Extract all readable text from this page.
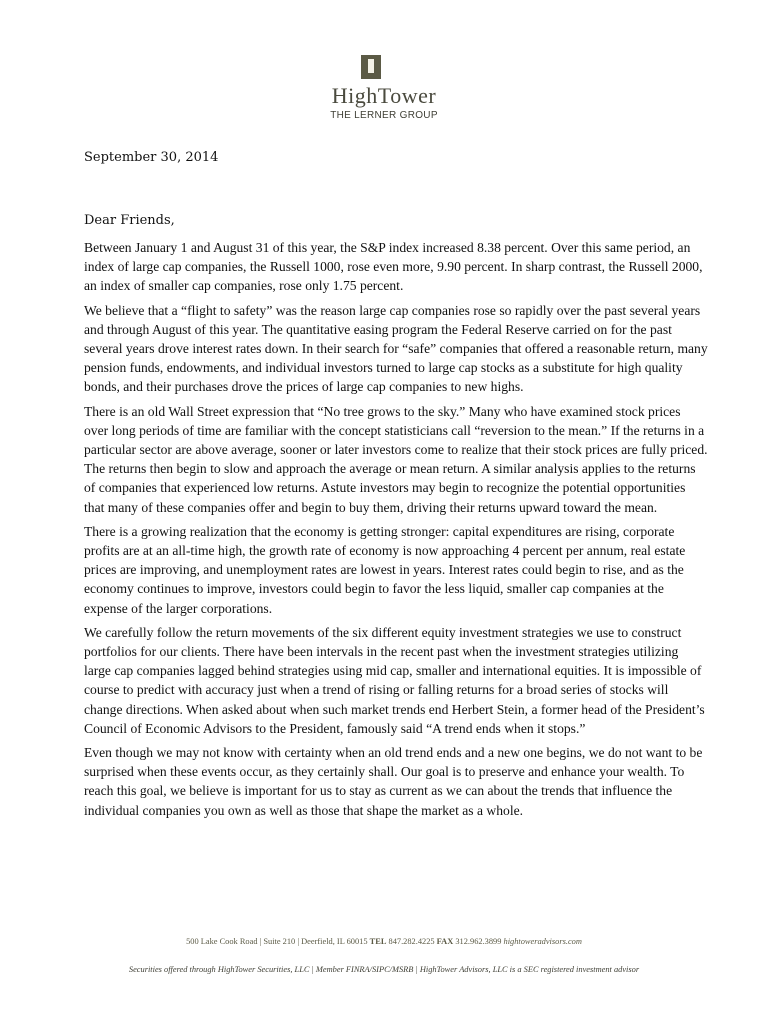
HighTower
THE LERNER GROUP
September 30, 2014
Dear Friends,

Between January 1 and August 31 of this year, the S&P index increased 8.38 percent. Over this same period, an index of large cap companies, the Russell 1000, rose even more, 9.90 percent. In sharp contrast, the Russell 2000, an index of smaller cap companies, rose only 1.75 percent.

We believe that a “flight to safety” was the reason large cap companies rose so rapidly over the past several years and through August of this year. The quantitative easing program the Federal Reserve carried on for the past several years drove interest rates down. In their search for “safe” companies that offered a reasonable return, many pension funds, endowments, and individual investors turned to large cap stocks as a substitute for high quality bonds, and their purchases drove the prices of large cap companies to new highs.

There is an old Wall Street expression that “No tree grows to the sky.” Many who have examined stock prices over long periods of time are familiar with the concept statisticians call “reversion to the mean.” If the returns in a particular sector are above average, sooner or later investors come to realize that their stock prices are fully priced. The returns then begin to slow and approach the average or mean return. A similar analysis applies to the returns of companies that experienced low returns. Astute investors may begin to recognize the potential opportunities that many of these companies offer and begin to buy them, driving their returns upward toward the mean.

There is a growing realization that the economy is getting stronger: capital expenditures are rising, corporate profits are at an all-time high, the growth rate of economy is now approaching 4 percent per annum, real estate prices are improving, and unemployment rates are lowest in years. Interest rates could begin to rise, and as the economy continues to improve, investors could begin to favor the less liquid, smaller cap companies at the expense of the larger corporations.

We carefully follow the return movements of the six different equity investment strategies we use to construct portfolios for our clients. There have been intervals in the recent past when the investment strategies utilizing large cap companies lagged behind strategies using mid cap, smaller and international equities. It is impossible of course to predict with accuracy just when a trend of rising or falling returns for a broad series of stocks will change directions. When asked about when such market trends end Herbert Stein, a former head of the President’s Council of Economic Advisors to the President, famously said “A trend ends when it stops.”

Even though we may not know with certainty when an old trend ends and a new one begins, we do not want to be surprised when these events occur, as they certainly shall. Our goal is to preserve and enhance your wealth. To reach this goal, we believe is important for us to stay as current as we can about the trends that influence the individual companies you own as well as those that shape the market as a whole.

500 Lake Cook Road | Suite 210 | Deerfield, IL 60015 TEL 847.282.4225 FAX 312.962.3899 hightoweradvisors.com
Securities offered through HighTower Securities, LLC | Member FINRA/SIPC/MSRB | HighTower Advisors, LLC is a SEC registered investment advisor
